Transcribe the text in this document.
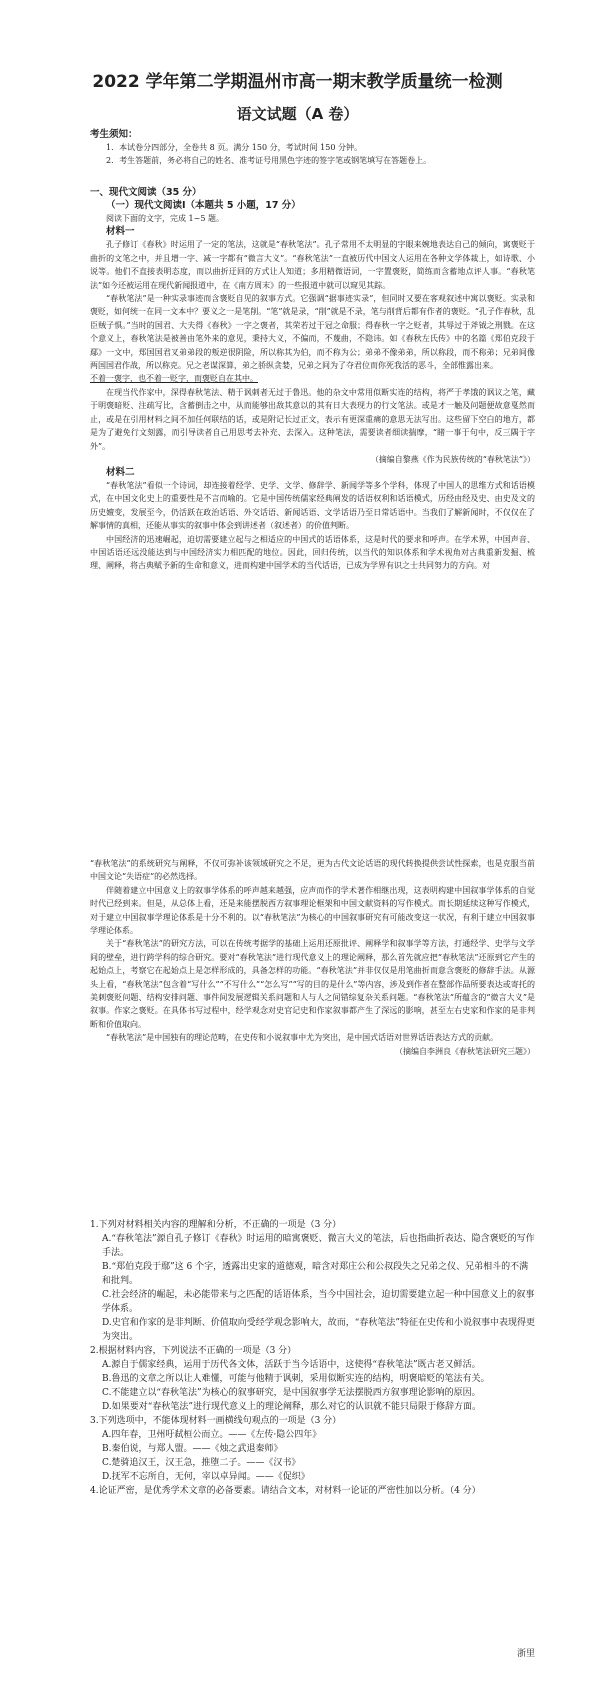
2022 学年第二学期温州市高一期末教学质量统一检测
语文试题（A 卷）
考生须知：

1．本试卷分四部分，全卷共 8 页。满分 150 分，考试时间 150 分钟。

2．考生答题前，务必将自己的姓名、准考证号用黑色字迹的签字笔或钢笔填写在答题卷上。

一、现代文阅读（35 分）
（一）现代文阅读Ⅰ（本题共 5 小题，17 分）

阅读下面的文字，完成 1~5 题。

材料一

孔子修订《春秋》时运用了一定的笔法，这就是“春秋笔法”。孔子常用不太明显的字眼来婉地表达自己的倾向，寓褒贬于曲折的文笔之中，并且增一字、减一字都有“微言大义”。“春秋笔法”一直被历代中国文人运用在各种文学体裁上，如诗歌、小说等。他们不直接表明态度，而以曲折迂回的方式让人知道；多用精微语词，一字置褒贬，简练而含蓄地点评人事。“春秋笔法”如今还被运用在现代新闻报道中，在《南方周末》的一些报道中就可以窥见其踪。

“春秋笔法”是一种实录事迹而含褒贬自见的叙事方式。它强调“据事迹实录”，但同时又要在客观叙述中寓以褒贬。实录和褒贬，如何统一在同一文本中？要义之一是笔削。“笔”就是录，“削”就是不录，笔与削背后都有作者的褒贬。“孔子作春秋，乱臣贼子惧。”当时的国君、大夫得《春秋》一字之褒者，其荣若过于冠之命服；得春秋一字之贬者，其辱过于斧钺之刑戮。在这个意义上，春秋笔法是被善由笔外来的意见，秉持大义，不偏而，不蔑曲，不隐讳。如《春秋左氏传》中的名篇《郑伯克段于鄢》一文中，郑国国君叉弟弟段的叛逆很阴险，所以称其为伯，而不称为公；弟弟不像弟弟，所以称段，而不称弟；兄弟间像两国国君作战，所以称克。兄之老谋深算，弟之骄纵贪婪，兄弟之间为了夺君位而你死我活的恶斗，全部惟露出来。

不着一褒字，也不着一贬字，而褒贬自在其中。

在现当代作家中，深得春秋笔法、精于讽刺者无过于鲁迅。他的杂文中常用似断实连的结构，将严于孝饿的讽议之笔，藏于明褒暗贬、注疏写比，含蓄倒击之中，从而能够出敌其意以的其有日大表现力的行文笔法。或是才一触及问题便故意戛然而止，或是在引用材料之间不加任何联结的话，或是附记长过正文，表示有更深重痛的意思无法写出。这些留下空白的地方，都是为了避免行文刻露，而引导读者自己用思考去补充、去深入。这种笔法，需要读者细读揣摩，“睹一事于句中，反三隅于字外”。

（摘编自黎燕《作为民族传统的“春秋笔法”》）
材料二

“春秋笔法”看似一个诗词，却连接着经学、史学、文学、修辞学、新闻学等多个学科，体现了中国人的思维方式和话语模式，在中国文化史上的重要性是不言而喻的。它是中国传统儒家经典阐发的话语权利和话语模式，历经由经及史、由史及文的历史嬗变，发展至今，仍活跃在政治话语、外交话语、新闻话语、文学话语乃至日常话语中。当我们了解新闻时，不仅仅在了解事情的真相，还能从事实的叙事中体会到讲述者（叙述者）的价值判断。

中国经济的迅速崛起，迫切需要建立起与之相适应的中国式的话语体系，这是时代的要求和呼声。在学术界，中国声音、中国话语还远没能达到与中国经济实力相匹配的地位。因此，回归传统，以当代的知识体系和学术视角对古典重新发掘、梳理、阐释，将古典赋予新的生命和意义，进而构建中国学术的当代话语，已成为学界有识之士共同努力的方向。对

“春秋笔法”的系统研究与阐释，不仅可弥补该领域研究之不足，更为古代文论话语的现代转换提供尝试性探索，也是克服当前中国文论“失语症”的必然选择。

伴随着建立中国意义上的叙事学体系的呼声越来越强，应声而作的学术著作相继出现，这表明构建中国叙事学体系的自觉时代已经到来。但是，从总体上看，还是来能摆脱西方叙事理论框架和中国文献资料的写作模式。而长期延续这种写作模式，对于建立中国叙事学理论体系是十分不利的。以“春秋笔法”为核心的中国叙事研究有可能改变这一状况，有利于建立中国叙事学理论体系。

关于“春秋笔法”的研究方法，可以在传统考据学的基础上运用还原批评、阐释学和叙事学等方法，打通经学、史学与文学间的壁垒，进行跨学科的综合研究。要对“春秋笔法”进行现代意义上的理论阐释，那么首先就应把“春秋笔法”还原到它产生的起始点上，考察它在起始点上是怎样形成的，具备怎样的功能。“春秋笔法”并非仅仅是用笔曲折而意含褒贬的修辞手法。从源头上看，“春秋笔法”包含着“写什么”“不写什么”“怎么写”“写的目的是什么”等内容，涉及到作者在整部作品所要表达或寄托的美刺褒贬问题、结构安排问题、事件间发展逻辑关系问题和人与人之间错综复杂关系问题。“春秋笔法”所蕴含的“微言大义”是叙事。作家之褒贬。在具体书写过程中，经学观念对史官记史和作家叙事都产生了深远的影响，甚至左右史家和作家的是非判断和价值取向。

“春秋笔法”是中国独有的理论范畴，在史传和小说叙事中尤为突出，是中国式话语对世界话语表达方式的贡献。

（摘编自李洲良《春秋笔法研究三题》）

1.下列对材料相关内容的理解和分析，不正确的一项是（3 分）

A.“春秋笔法”源自孔子修订《春秋》时运用的暗寓褒贬、微言大义的笔法，后也指曲折表达、隐含褒贬的写作手法。

B.“郑伯克段于鄢”这 6 个字，透露出史家的道德观，暗含对郑庄公和公叔段失之兄弟之仪、兄弟相斗的不满和批判。

C.社会经济的崛起，未必能带来与之匹配的话语体系，当今中国社会，迫切需要建立起一种中国意义上的叙事学体系。

D.史官和作家的是非判断、价值取向受经学观念影响大，故而，“春秋笔法”特征在史传和小说叙事中表现得更为突出。

2.根据材料内容，下列说法不正确的一项是（3 分）

A.源自于儒家经典，运用于历代各文体，活跃于当今话语中，这使得“春秋笔法”既古老又鲜活。

B.鲁迅的文章之所以让人难懂，可能与他精于讽刺，采用似断实连的结构，明褒暗贬的笔法有关。

C.不能建立以“春秋笔法”为核心的叙事研究，是中国叙事学无法摆脱西方叙事理论影响的原因。

D.如果要对“春秋笔法”进行现代意义上的理论阐释，那么对它的认识就不能只局限于修辞方面。

3.下列选项中，不能体现材料一画横线句观点的一项是（3 分）

A.四年春，卫州吁弑桓公而立。——《左传·隐公四年》

B.秦伯说，与郑人盟。——《烛之武退秦师》

C.楚骑追汉王，汉王急，推堕二子。——《汉书》

D.抚军不忘所自，无何，宰以卓异闻。——《促织》

4.论证严密，是优秀学术文章的必备要素。请结合文本，对材料一论证的严密性加以分析。（4 分）

浙里
